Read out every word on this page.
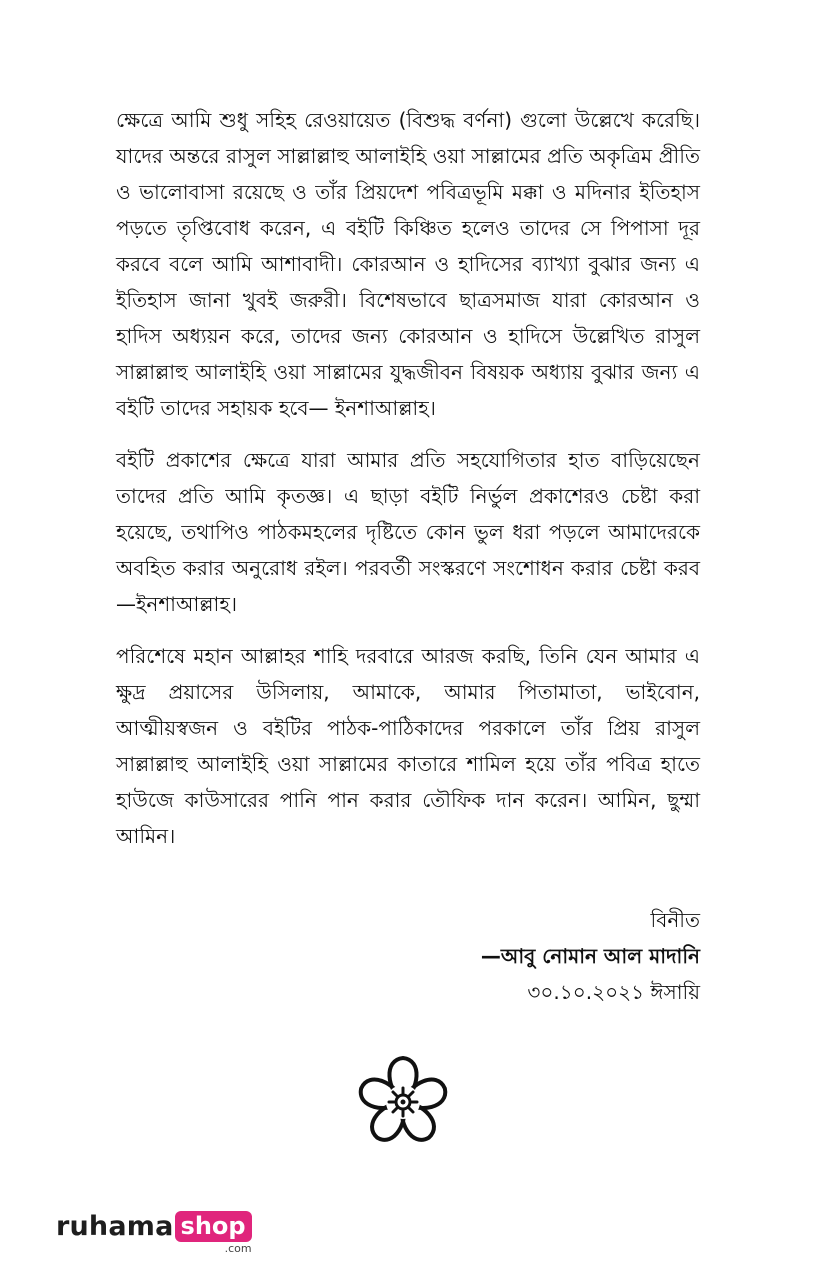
ক্ষেত্রে আমি শুধু সহিহ রেওয়ায়েত (বিশুদ্ধ বর্ণনা) গুলো উল্লেখে করেছি। যাদের অন্তরে রাসুল সাল্লাল্লাহু আলাইহি ওয়া সাল্লামের প্রতি অকৃত্রিম প্রীতি ও ভালোবাসা রয়েছে ও তাঁর প্রিয়দেশ পবিত্রভূমি মক্কা ও মদিনার ইতিহাস পড়তে তৃপ্তিবোধ করেন, এ বইটি কিঞ্চিত হলেও তাদের সে পিপাসা দূর করবে বলে আমি আশাবাদী। কোরআন ও হাদিসের ব্যাখ্যা বুঝার জন্য এ ইতিহাস জানা খুবই জরুরী। বিশেষভাবে ছাত্রসমাজ যারা কোরআন ও হাদিস অধ্যয়ন করে, তাদের জন্য কোরআন ও হাদিসে উল্লেখিত রাসুল সাল্লাল্লাহু আলাইহি ওয়া সাল্লামের যুদ্ধজীবন বিষয়ক অধ্যায় বুঝার জন্য এ বইটি তাদের সহায়ক হবে— ইনশাআল্লাহ।

বইটি প্রকাশের ক্ষেত্রে যারা আমার প্রতি সহযোগিতার হাত বাড়িয়েছেন তাদের প্রতি আমি কৃতজ্ঞ। এ ছাড়া বইটি নির্ভুল প্রকাশেরও চেষ্টা করা হয়েছে, তথাপিও পাঠকমহলের দৃষ্টিতে কোন ভুল ধরা পড়লে আমাদেরকে অবহিত করার অনুরোধ রইল। পরবর্তী সংস্করণে সংশোধন করার চেষ্টা করব—ইনশাআল্লাহ।

পরিশেষে মহান আল্লাহর শাহি দরবারে আরজ করছি, তিনি যেন আমার এ ক্ষুদ্র প্রয়াসের উসিলায়, আমাকে, আমার পিতামাতা, ভাইবোন, আত্মীয়স্বজন ও বইটির পাঠক-পাঠিকাদের পরকালে তাঁর প্রিয় রাসুল সাল্লাল্লাহু আলাইহি ওয়া সাল্লামের কাতারে শামিল হয়ে তাঁর পবিত্র হাতে হাউজে কাউসারের পানি পান করার তৌফিক দান করেন। আমিন, ছুম্মা আমিন।

বিনীত
—আবু নোমান আল মাদানি
৩০.১০.২০২১ ঈসায়ি
ruhama shop
.com
